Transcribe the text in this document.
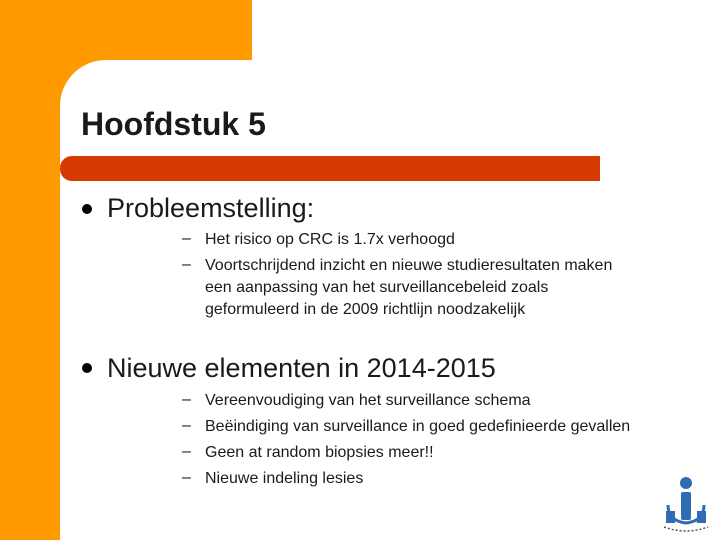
Hoofdstuk 5
Probleemstelling:
– Het risico op CRC is 1.7x verhoogd
– Voortschrijdend inzicht en nieuwe studieresultaten maken
een aanpassing van het surveillancebeleid zoals
geformuleerd in de 2009 richtlijn noodzakelijk
Nieuwe elementen in 2014-2015
– Vereenvoudiging van het surveillance schema
– Beëindiging van surveillance in goed gedefinieerde gevallen
– Geen at random biopsies meer!!
– Nieuwe indeling lesies
